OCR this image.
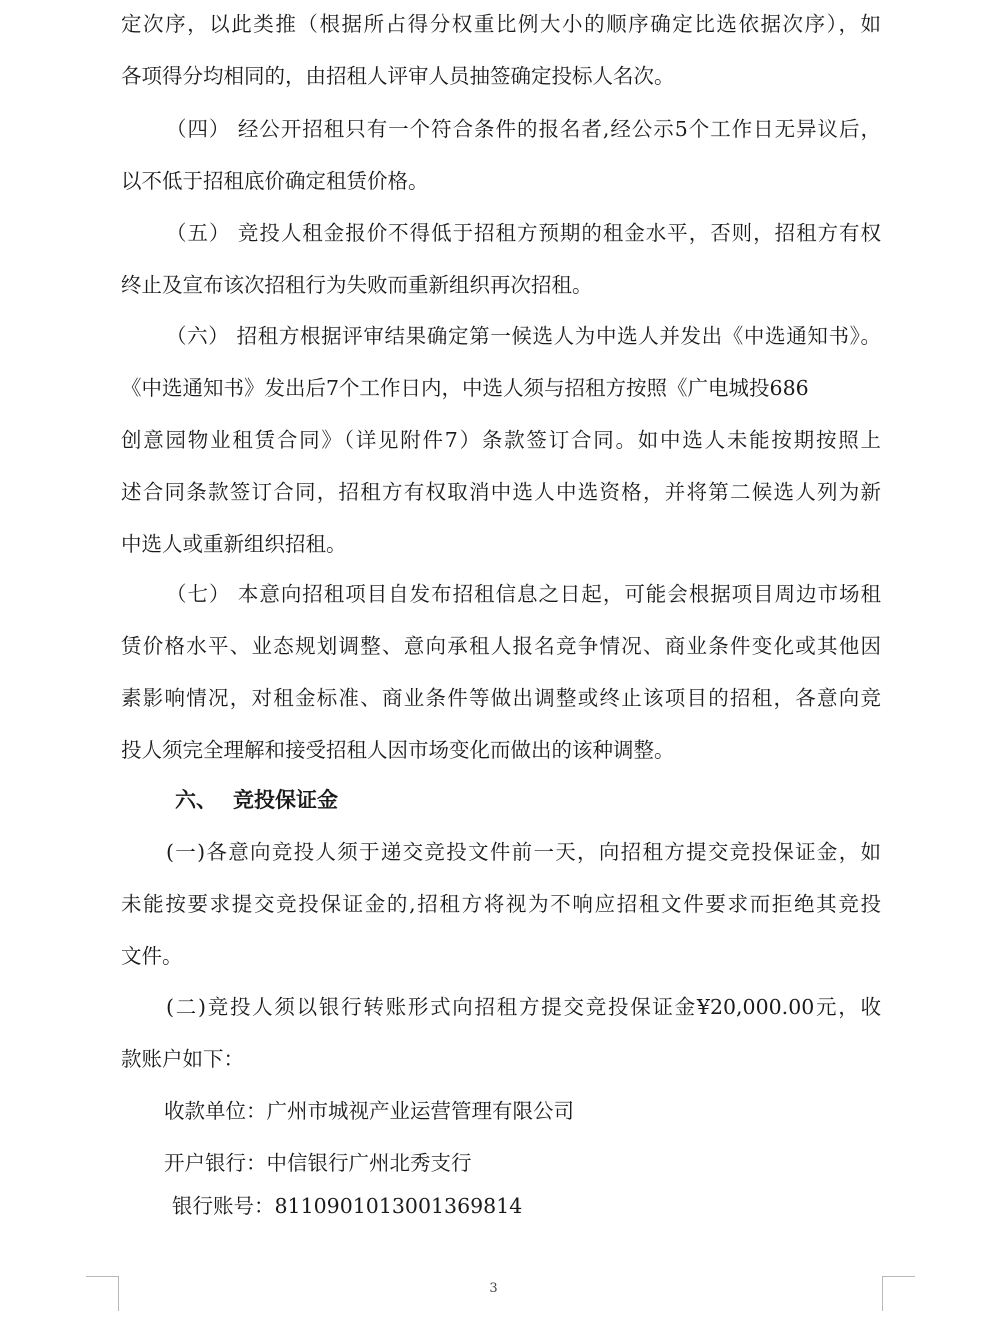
定次序，以此类推（根据所占得分权重比例大小的顺序确定比选依据次序），如
各项得分均相同的，由招租人评审人员抽签确定投标人名次。
（四） 经公开招租只有一个符合条件的报名者,经公示5个工作日无异议后，
以不低于招租底价确定租赁价格。
（五） 竞投人租金报价不得低于招租方预期的租金水平，否则，招租方有权
终止及宣布该次招租行为失败而重新组织再次招租。
（六） 招租方根据评审结果确定第一候选人为中选人并发出《中选通知书》。
《中选通知书》发出后7个工作日内，中选人须与招租方按照《广电城投686
创意园物业租赁合同》（详见附件7）条款签订合同。如中选人未能按期按照上
述合同条款签订合同，招租方有权取消中选人中选资格，并将第二候选人列为新
中选人或重新组织招租。
（七） 本意向招租项目自发布招租信息之日起，可能会根据项目周边市场租
赁价格水平、业态规划调整、意向承租人报名竞争情况、商业条件变化或其他因
素影响情况，对租金标准、商业条件等做出调整或终止该项目的招租，各意向竞
投人须完全理解和接受招租人因市场变化而做出的该种调整。
六、 竞投保证金
(一)各意向竞投人须于递交竞投文件前一天，向招租方提交竞投保证金，如
未能按要求提交竞投保证金的,招租方将视为不响应招租文件要求而拒绝其竞投
文件。
(二)竞投人须以银行转账形式向招租方提交竞投保证金¥20,000.00元，收
款账户如下：
收款单位：广州市城视产业运营管理有限公司
开户银行：中信银行广州北秀支行
银行账号：8110901013001369814
3
